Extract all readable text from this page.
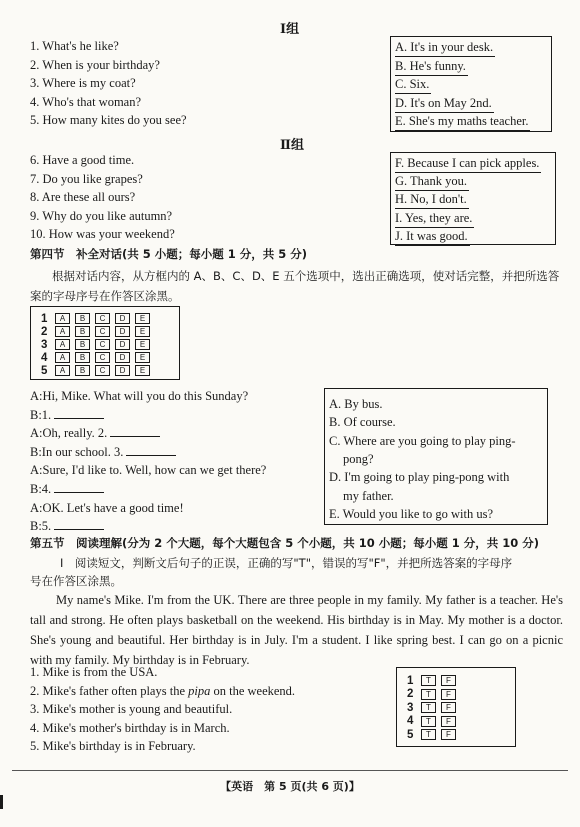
Ⅰ组
1. What's he like?
2. When is your birthday?
3. Where is my coat?
4. Who's that woman?
5. How many kites do you see?
A. It's in your desk.
B. He's funny.
C. Six.
D. It's on May 2nd.
E. She's my maths teacher.
Ⅱ组
6. Have a good time.
7. Do you like grapes?
8. Are these all ours?
9. Why do you like autumn?
10. How was your weekend?
F. Because I can pick apples.
G. Thank you.
H. No, I don't.
I. Yes, they are.
J. It was good.
第四节　补全对话(共 5 小题；每小题 1 分，共 5 分)
根据对话内容，从方框内的 A、B、C、D、E 五个选项中，选出正确选项，使对话完整，并把所选答案的字母序号在作答区涂黑。
1	A	B	C	D	E
2	A	B	C	D	E
3	A	B	C	D	E
4	A	B	C	D	E
5	A	B	C	D	E
A:Hi, Mike. What will you do this Sunday?
B:1.
A:Oh, really. 2.
B:In our school. 3.
A:Sure, I'd like to. Well, how can we get there?
B:4.
A:OK. Let's have a good time!
B:5.
A. By bus.
B. Of course.
C. Where are you going to play ping-
pong?
D. I'm going to play ping-pong with
my father.
E. Would you like to go with us?
第五节　阅读理解(分为 2 个大题，每个大题包含 5 个小题，共 10 小题；每小题 1 分，共 10 分)
Ⅰ　阅读短文，判断文后句子的正误，正确的写"T"，错误的写"F"，并把所选答案的字母序
号在作答区涂黑。
My name's Mike. I'm from the UK. There are three people in my family. My father is a teacher. He's tall and strong. He often plays basketball on the weekend. His birthday is in May. My mother is a doctor. She's young and beautiful. Her birthday is in July. I'm a student. I like spring best. I can go on a picnic with my family. My birthday is in February.
1. Mike is from the USA.
2. Mike's father often plays the pipa on the weekend.
3. Mike's mother is young and beautiful.
4. Mike's mother's birthday is in March.
5. Mike's birthday is in February.
1	T	F
2	T	F
3	T	F
4	T	F
5	T	F
【英语　第 5 页(共 6 页)】
